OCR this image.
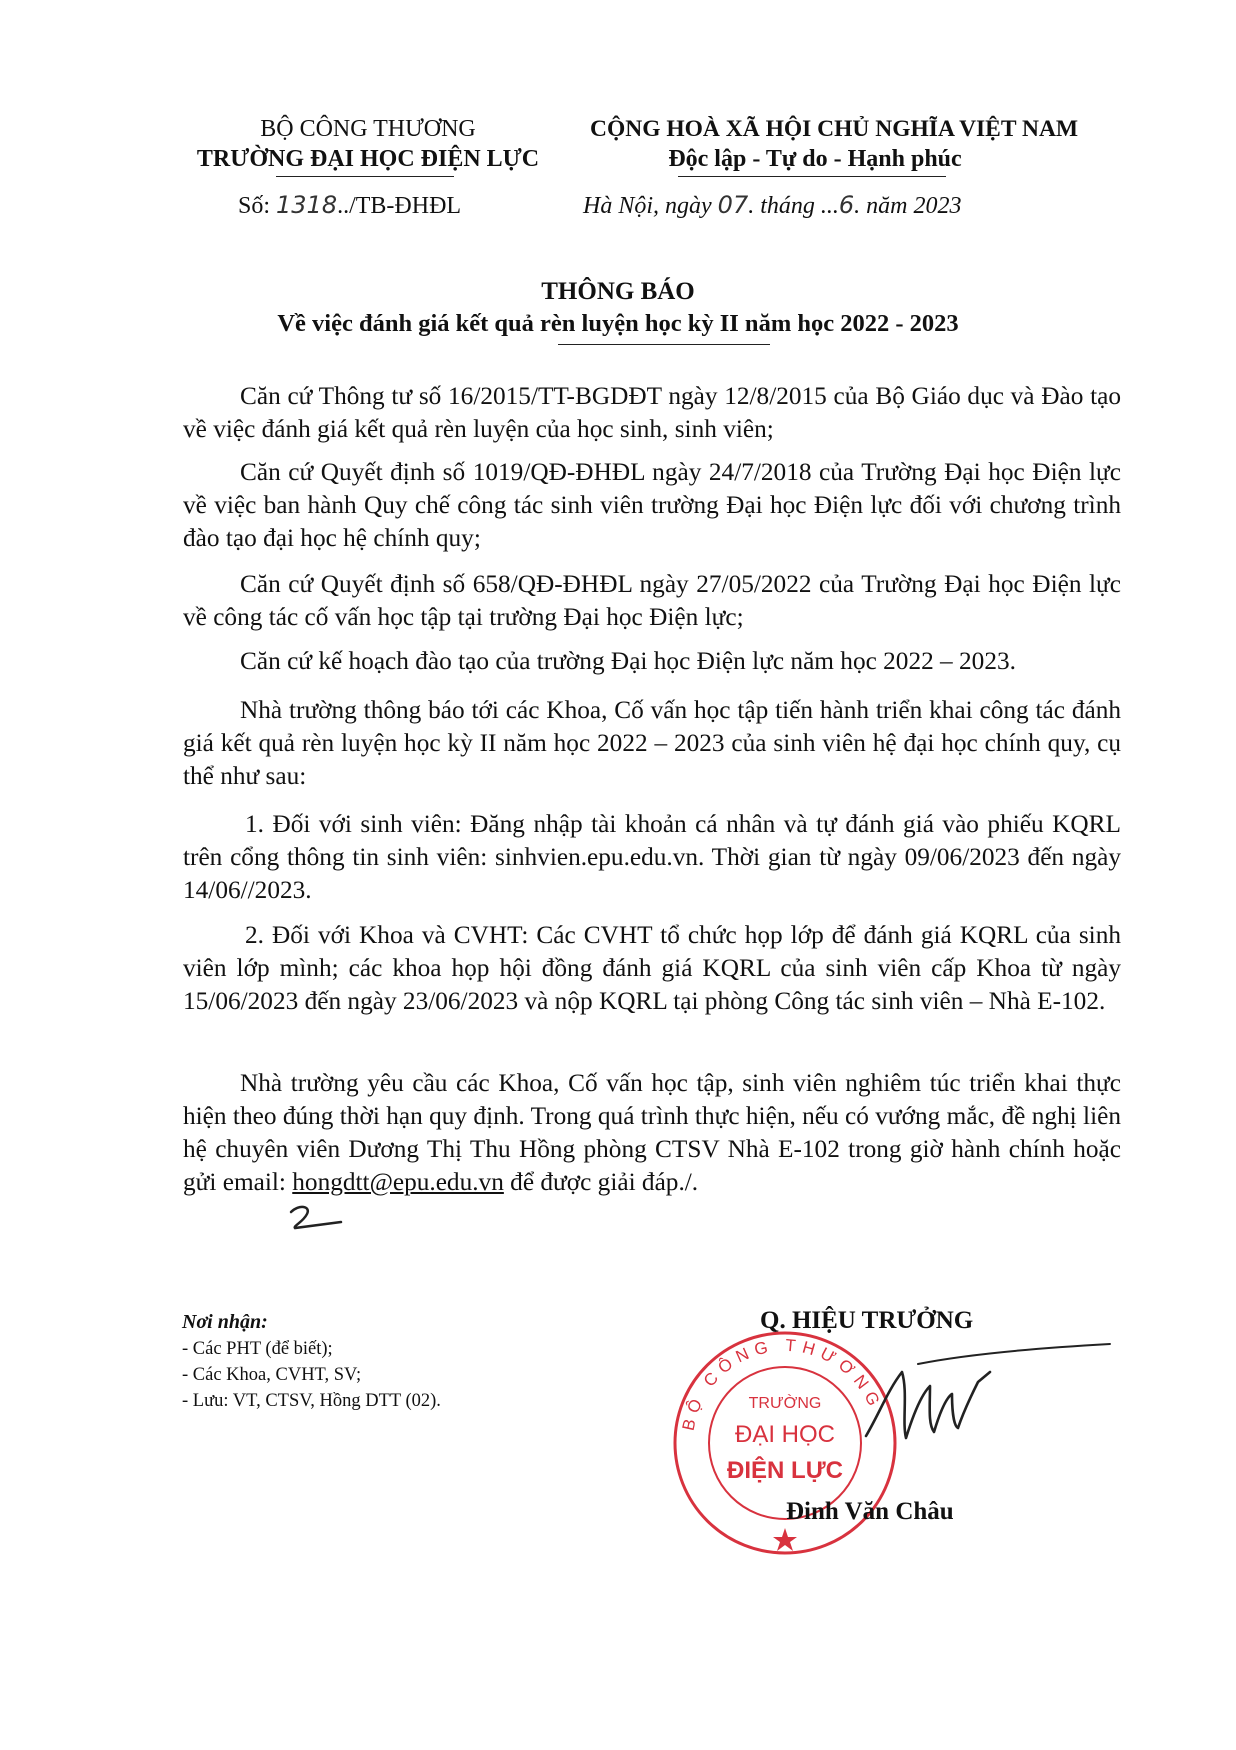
BỘ CÔNG THƯƠNG
TRƯỜNG ĐẠI HỌC ĐIỆN LỰC
Số: 1318../TB-ĐHĐL
CỘNG HOÀ XÃ HỘI CHỦ NGHĨA VIỆT NAM
Độc lập - Tự do - Hạnh phúc
Hà Nội, ngày 07. tháng ...6. năm 2023
THÔNG BÁO
Về việc đánh giá kết quả rèn luyện học kỳ II năm học 2022 - 2023

Căn cứ Thông tư số 16/2015/TT-BGDĐT ngày 12/8/2015 của Bộ Giáo dục và Đào tạo về việc đánh giá kết quả rèn luyện của học sinh, sinh viên;

Căn cứ Quyết định số 1019/QĐ-ĐHĐL ngày 24/7/2018 của Trường Đại học Điện lực về việc ban hành Quy chế công tác sinh viên trường Đại học Điện lực đối với chương trình đào tạo đại học hệ chính quy;

Căn cứ Quyết định số 658/QĐ-ĐHĐL ngày 27/05/2022 của Trường Đại học Điện lực về công tác cố vấn học tập tại trường Đại học Điện lực;

Căn cứ kế hoạch đào tạo của trường Đại học Điện lực năm học 2022 – 2023.

Nhà trường thông báo tới các Khoa, Cố vấn học tập tiến hành triển khai công tác đánh giá kết quả rèn luyện học kỳ II năm học 2022 – 2023 của sinh viên hệ đại học chính quy, cụ thể như sau:

1. Đối với sinh viên: Đăng nhập tài khoản cá nhân và tự đánh giá vào phiếu KQRL trên cổng thông tin sinh viên: sinhvien.epu.edu.vn. Thời gian từ ngày 09/06/2023 đến ngày 14/06//2023.

2. Đối với Khoa và CVHT: Các CVHT tổ chức họp lớp để đánh giá KQRL của sinh viên lớp mình; các khoa họp hội đồng đánh giá KQRL của sinh viên cấp Khoa từ ngày 15/06/2023 đến ngày 23/06/2023 và nộp KQRL tại phòng Công tác sinh viên – Nhà E-102.

Nhà trường yêu cầu các Khoa, Cố vấn học tập, sinh viên nghiêm túc triển khai thực hiện theo đúng thời hạn quy định. Trong quá trình thực hiện, nếu có vướng mắc, đề nghị liên hệ chuyên viên Dương Thị Thu Hồng phòng CTSV Nhà E-102 trong giờ hành chính hoặc gửi email: hongdtt@epu.edu.vn để được giải đáp./.

Nơi nhận:
- Các PHT (để biết);
- Các Khoa, CVHT, SV;
- Lưu: VT, CTSV, Hồng DTT (02).
Q. HIỆU TRƯỞNG
BỘ CÔNG THƯƠNG
TRƯỜNG
ĐẠI HỌC
ĐIỆN LỰC
Đinh Văn Châu
